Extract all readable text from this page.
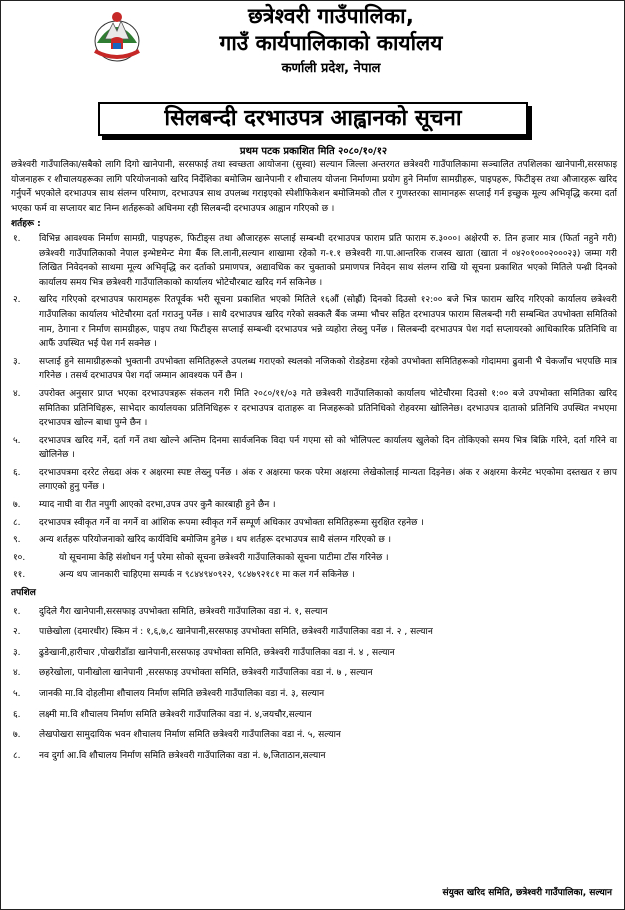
छत्रेश्वरी गाउँपालिका,
गाउँ कार्यपालिकाको कार्यालय
कर्णाली प्रदेश, नेपाल
सिलबन्दी दरभाउपत्र आह्वानको सूचना
प्रथम पटक प्रकाशित मिति २०८०/१०/१२

छत्रेश्वरी गाउँपालिका/सबैको लागि दिगो खानेपानी, सरसफाई तथा स्वच्छता आयोजना (सुस्वा) सल्यान जिल्ला अन्तरगत छत्रेश्वरी गाउँपालिकामा सञ्चालित तपशिलका खानेपानी,सरसफाइ योजनाहरू र शौचालयहरूका लागि परियोजनाको खरिद निर्देशिका बमोजिम खानेपानी र शौचालय योजना निर्माणमा प्रयोग हुने निर्माण सामग्रीहरू, पाइपहरू, फिटीङ्स तथा औजारहरू खरिद गर्नुपर्ने भएकोले दरभाउपत्र साथ संलग्न परिमाण, दरभाउपत्र साथ उपलब्ध गराइएको स्पेशीफिकेशन बमोजिमको तौल र गुणस्तरका सामानहरू सप्लाई गर्न इच्छुक मूल्य अभिवृद्धि करमा दर्ता भएका फर्म वा सप्लायर बाट निम्न शर्तहरूको अधिनमा रही सिलबन्दी दरभाउपत्र आह्वान गरिएको छ ।

शर्तहरू :
१.	विभिन्न आवश्यक निर्माण सामग्री, पाइपहरू, फिटीङ्स तथा औजारहरू सप्लाई सम्बन्धी दरभाउपत्र फाराम प्रति फाराम रु.३०००। अक्षेरपी रु. तिन हजार मात्र (फिर्ता नहुने गरी) छत्रेश्वरी गाउँपालिकाको नेपाल इन्भेष्टमेन्ट मेगा बैंक लि.लानी,सल्यान शाखामा रहेको ग-१.१ छत्रेश्वरी गा.पा.आन्तरिक राजस्व खाता (खाता नं ०४२०१०००२०००२३) जम्मा गरी लिखित निवेदनको साथमा मूल्य अभिवृद्धि कर दर्ताको प्रमाणपत्र, अद्यावधिक कर चुक्ताको प्रमाणपत्र निवेदन साथ संलग्न राखि यो सूचना प्रकाशित भएको मितिले पन्ध्री दिनको कार्यालय समय भित्र छत्रेश्वरी गाउँपालिकाको कार्यालय भोटेचौरबाट खरिद गर्न सकिनेछ ।
२.	खरिद गरिएको दरभाउपत्र फारामहरू रितपूर्वक भरी सूचना प्रकाशित भएको मितिले १६औं (सोह्रौं) दिनको दिउसो १२:०० बजे भित्र फाराम खरिद गरिएको कार्यालय छत्रेश्वरी गाउँपालिका कार्यालय भोटेचौरमा दर्ता गराउनु पर्नेछ । साथै दरभाउपत्र खरिद गरेको सक्कलै बैंक जम्मा भौचर सहित दरभाउपत्र फाराम सिलबन्दी गरी सम्बन्धित उपभोक्ता समितिको नाम, ठेगाना र निर्माण सामग्रीहरू, पाइप तथा फिटीङ्स सप्लाई सम्बन्धी दरभाउपत्र भन्ने व्यहोरा लेख्नु पर्नेछ । सिलबन्दी दरभाउपत्र पेश गर्दा सप्लायरको आधिकारिक प्रतिनिधि वा आफैं उपस्थित भई पेश गर्न सक्नेछ ।
३.	सप्लाई हुने सामाग्रीहरूको भुक्तानी उपभोक्ता समितिहरूले उपलब्ध गराएको स्थलको नजिकको रोडहेडमा रहेको उपभोक्ता समितिहरूको गोदाममा ढुवानी भै चेकजाँच भएपछि मात्र गरिनेछ । तसर्थ दरभाउपत्र पेश गर्दा जम्मान आवश्यक पर्ने छैन ।
४.	उपरोक्त अनुसार प्राप्त भएका दरभाउपत्रहरू संकलन गरी मिति २०८०/११/०३ गते छत्रेश्वरी गाउँपालिकाको कार्यालय भोटेचौरमा दिउसो १:०० बजे उपभोक्ता समितिका खरिद समितिका प्रतिनिधिहरू, साभेदार कार्यालयका प्रतिनिधिहरू र दरभाउपत्र दाताहरू वा निजहरूको प्रतिनिधिको रोहवरमा खोलिनेछ। दरभाउपत्र दाताको प्रतिनिधि उपस्थित नभएमा दरभाउपत्र खोल्न बाधा पुग्ने छैन ।
५.	दरभाउपत्र खरिद गर्ने, दर्ता गर्ने तथा खोल्ने अन्तिम दिनमा सार्वजनिक विदा पर्न गएमा सो को भोलिपल्ट कार्यालय खुलेको दिन तोकिएको समय भित्र बिक्रि गरिने, दर्ता गरिने वा खोलिनेछ ।
६.	दरभाउपत्रमा दररेट लेख्दा अंक र अक्षरमा स्पष्ट लेख्नु पर्नेछ । अंक र अक्षरमा फरक परेमा अक्षरमा लेखेकोलाई मान्यता दिइनेछ। अंक र अक्षरमा केरमेट भएकोमा दस्तखत र छाप लगाएको हुनु पर्नेछ ।
७.	म्याद नाघी वा रीत नपुगी आएको दरभा,उपत्र उपर कुनै कारबाही हुने छैन ।
८.	दरभाउपत्र स्वीकृत गर्ने वा नगर्ने वा आंशिक रूपमा स्वीकृत गर्ने सम्पूर्ण अधिकार उपभोक्ता समितिहरूमा सुरक्षित रहनेछ ।
९.	अन्य शर्तहरू परियोजनाको खरिद कार्यविधि बमोजिम हुनेछ । थप शर्तहरू दरभाउपत्र साथै संलग्न गरिएको छ ।
१०.	यो सूचनामा केहि संशोधन गर्नु परेमा सोको सूचना छत्रेश्वरी गाउँपालिकाको सूचना पाटीमा टाँस गरिनेछ ।
११.	अन्य थप जानकारी चाहिएमा सम्पर्क न ९८४४९४०९२२, ९८४७९२१८१ मा कल गर्न सकिनेछ ।
तपशिल
१.	दुदिले गैरा खानेपानी,सरसफाइ उपभोक्ता समिति, छत्रेश्वरी गाउँपालिका वडा नं. १, सल्यान
२.	पाछेखोला (दमारधीर) स्किम नं : १,६,७,८ खानेपानी,सरसफाइ उपभोक्ता समिति, छत्रेश्वरी गाउँपालिका वडा नं. २ , सल्यान
३.	ढुङेखानी,हारीचार ,पोखरीडाँडा खानेपानी,सरसफाइ उपभोक्ता समिति, छत्रेश्वरी गाउँपालिका वडा नं. ४ , सल्यान
४.	छहरेखोला, पानीखोला खानेपानी ,सरसफाइ उपभोक्ता समिति, छत्रेश्वरी गाउँपालिका वडा नं. ७ , सल्यान
५.	जानकी मा.वि दोहलीमा शौचालय निर्माण समिति छत्रेश्वरी गाउँपालिका वडा नं. ३, सल्यान
६.	लक्ष्मी मा.वि शौचालय निर्माण समिति छत्रेश्वरी गाउँपालिका वडा नं. ४,जयचौर,सल्यान
७.	लेखपोखरा सामुदायिक भवन शौचालय निर्माण समिति छत्रेश्वरी गाउँपालिका वडा नं. ५, सल्यान
८.	नव दुर्गा आ.वि शौचालय निर्माण समिति छत्रेश्वरी गाउँपालिका वडा नं. ७,जिताठान,सल्यान
संयुक्त खरिद समिति, छत्रेश्वरी गाउँपालिका, सल्यान
